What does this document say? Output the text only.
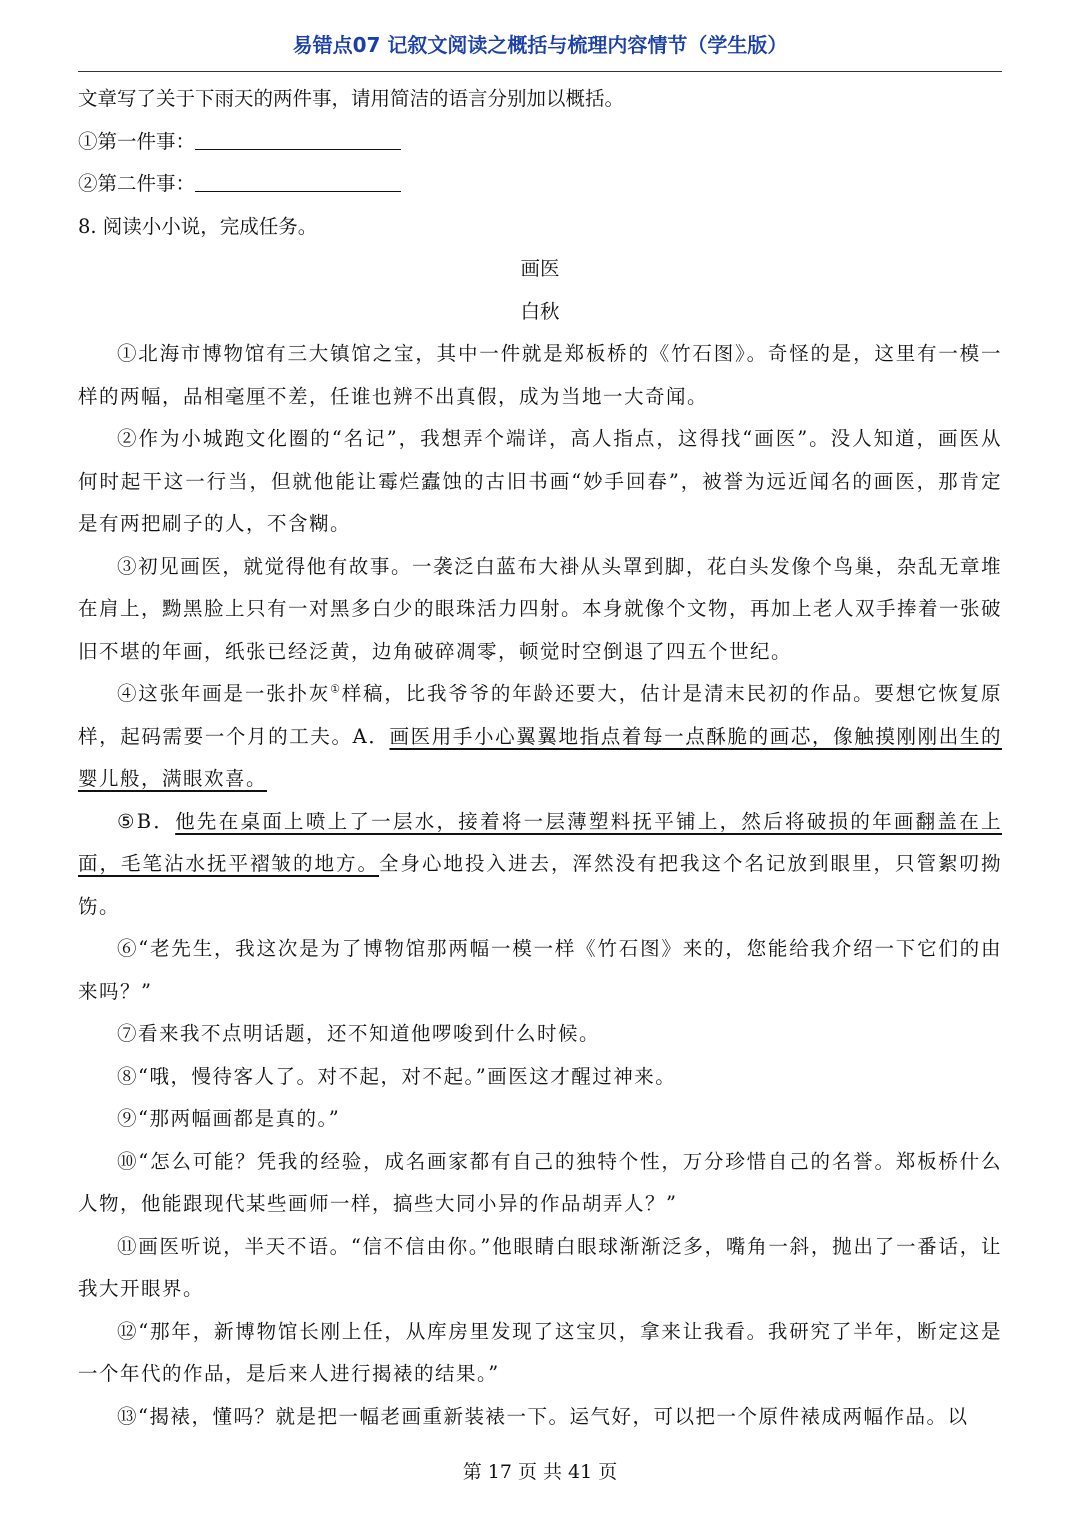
易错点07 记叙文阅读之概括与梳理内容情节（学生版）
文章写了关于下雨天的两件事，请用简洁的语言分别加以概括。
①第一件事：
②第二件事：
8. 阅读小小说，完成任务。
画医
白秋
①北海市博物馆有三大镇馆之宝，其中一件就是郑板桥的《竹石图》。奇怪的是，这里有一模一样的两幅，品相毫厘不差，任谁也辨不出真假，成为当地一大奇闻。
②作为小城跑文化圈的“名记”，我想弄个端详，高人指点，这得找“画医”。没人知道，画医从何时起干这一行当，但就他能让霉烂蠹蚀的古旧书画“妙手回春”，被誉为远近闻名的画医，那肯定是有两把刷子的人，不含糊。
③初见画医，就觉得他有故事。一袭泛白蓝布大褂从头罩到脚，花白头发像个鸟巢，杂乱无章堆在肩上，黝黑脸上只有一对黑多白少的眼珠活力四射。本身就像个文物，再加上老人双手捧着一张破旧不堪的年画，纸张已经泛黄，边角破碎凋零，顿觉时空倒退了四五个世纪。
④这张年画是一张扑灰①样稿，比我爷爷的年龄还要大，估计是清末民初的作品。要想它恢复原样，起码需要一个月的工夫。A．画医用手小心翼翼地指点着每一点酥脆的画芯，像触摸刚刚出生的婴儿般，满眼欢喜。
⑤B．他先在桌面上喷上了一层水，接着将一层薄塑料抚平铺上，然后将破损的年画翻盖在上面，毛笔沾水抚平褶皱的地方。全身心地投入进去，浑然没有把我这个名记放到眼里，只管絮叨拗饬。
⑥“老先生，我这次是为了博物馆那两幅一模一样《竹石图》来的，您能给我介绍一下它们的由来吗？”
⑦看来我不点明话题，还不知道他啰唆到什么时候。
⑧“哦，慢待客人了。对不起，对不起。”画医这才醒过神来。
⑨“那两幅画都是真的。”
⑩“怎么可能？凭我的经验，成名画家都有自己的独特个性，万分珍惜自己的名誉。郑板桥什么人物，他能跟现代某些画师一样，搞些大同小异的作品胡弄人？”
⑪画医听说，半天不语。“信不信由你。”他眼睛白眼球渐渐泛多，嘴角一斜，抛出了一番话，让我大开眼界。
⑫“那年，新博物馆长刚上任，从库房里发现了这宝贝，拿来让我看。我研究了半年，断定这是一个年代的作品，是后来人进行揭裱的结果。”
⑬“揭裱，懂吗？就是把一幅老画重新装裱一下。运气好，可以把一个原件裱成两幅作品。以
第 17 页 共 41 页
